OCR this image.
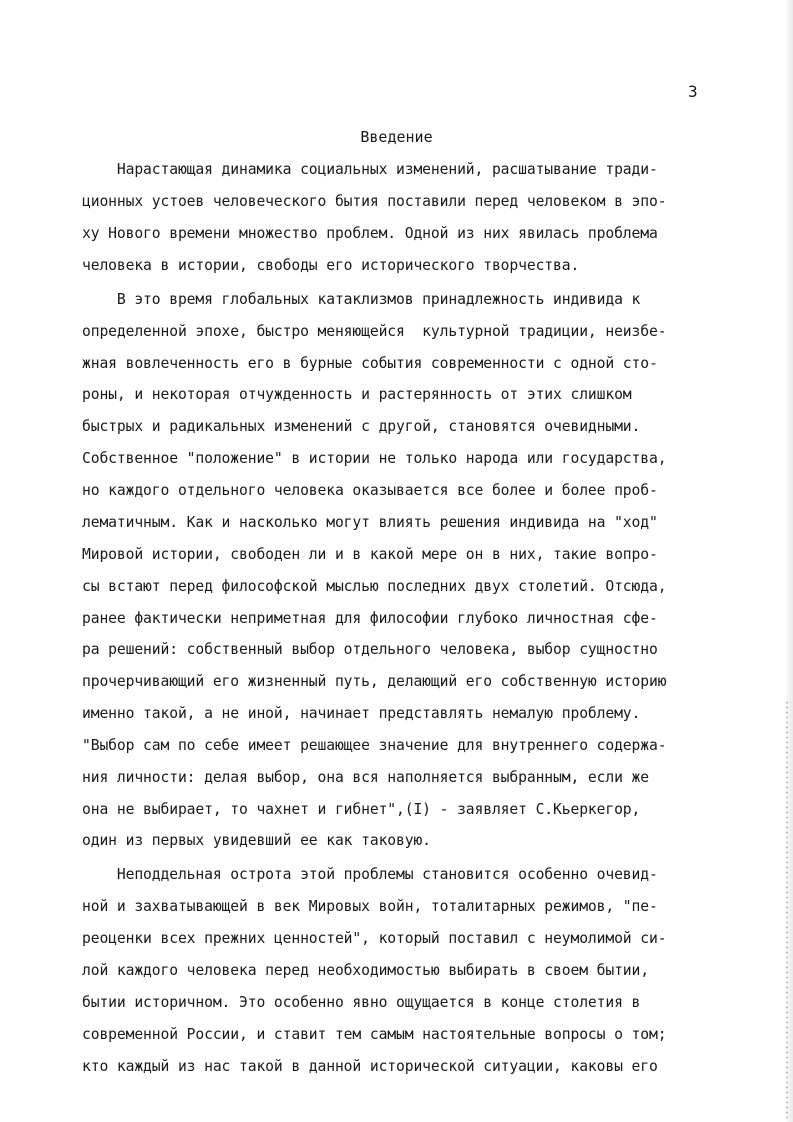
3
Введение
Нарастающая динамика социальных изменений, расшатывание тради-
ционных устоев человеческого бытия поставили перед человеком в эпо-
ху Нового времени множество проблем. Одной из них явилась проблема
человека в истории, свободы его исторического творчества.
В это время глобальных катаклизмов принадлежность индивида к
определенной эпохе, быстро меняющейся  культурной традиции, неизбе-
жная вовлеченность его в бурные события современности с одной сто-
роны, и некоторая отчужденность и растерянность от этих слишком
быстрых и радикальных изменений с другой, становятся очевидными.
Собственное "положение" в истории не только народа или государства,
но каждого отдельного человека оказывается все более и более проб-
лематичным. Как и насколько могут влиять решения индивида на "ход"
Мировой истории, свободен ли и в какой мере он в них, такие вопро-
сы встают перед философской мыслью последних двух столетий. Отсюда,
ранее фактически неприметная для философии глубоко личностная сфе-
ра решений: собственный выбор отдельного человека, выбор сущностно
прочерчивающий его жизненный путь, делающий его собственную историю
именно такой, а не иной, начинает представлять немалую проблему.
"Выбор сам по себе имеет решающее значение для внутреннего содержа-
ния личности: делая выбор, она вся наполняется выбранным, если же
она не выбирает, то чахнет и гибнет",(I) - заявляет С.Кьеркегор,
один из первых увидевший ее как таковую.
Неподдельная острота этой проблемы становится особенно очевид-
ной и захватывающей в век Мировых войн, тоталитарных режимов, "пе-
реоценки всех прежних ценностей", который поставил с неумолимой си-
лой каждого человека перед необходимостью выбирать в своем бытии,
бытии историчном. Это особенно явно ощущается в конце столетия в
современной России, и ставит тем самым настоятельные вопросы о том;
кто каждый из нас такой в данной исторической ситуации, каковы его
